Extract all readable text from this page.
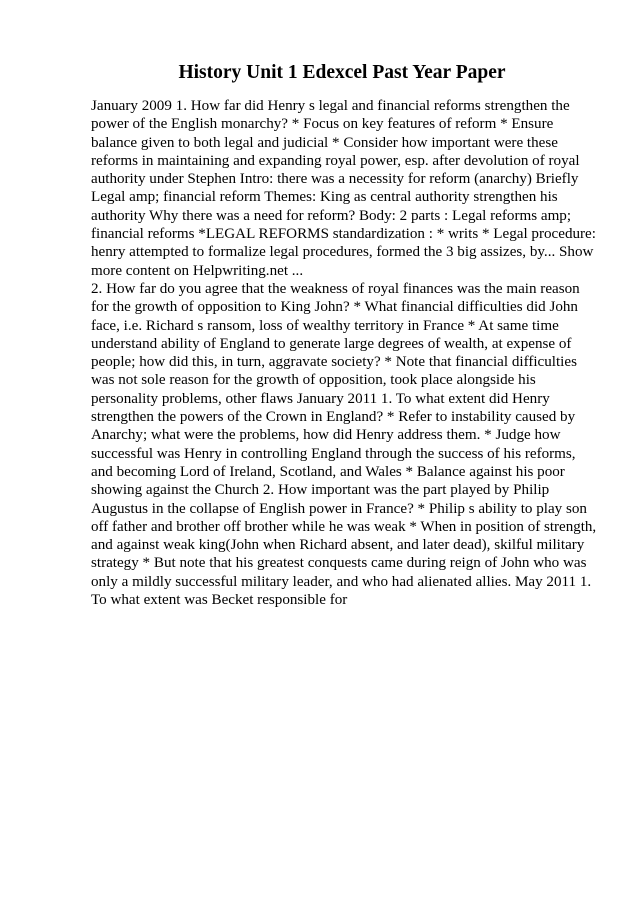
History Unit 1 Edexcel Past Year Paper
January 2009 1. How far did Henry s legal and financial reforms strengthen the
power of the English monarchy? * Focus on key features of reform * Ensure
balance given to both legal and judicial * Consider how important were these
reforms in maintaining and expanding royal power, esp. after devolution of royal
authority under Stephen Intro: there was a necessity for reform (anarchy) Briefly
Legal amp; financial reform Themes: King as central authority strengthen his
authority Why there was a need for reform? Body: 2 parts : Legal reforms amp;
financial reforms *LEGAL REFORMS standardization : * writs * Legal procedure:
henry attempted to formalize legal procedures, formed the 3 big assizes, by... Show
more content on Helpwriting.net ...
2. How far do you agree that the weakness of royal finances was the main reason
for the growth of opposition to King John? * What financial difficulties did John
face, i.e. Richard s ransom, loss of wealthy territory in France * At same time
understand ability of England to generate large degrees of wealth, at expense of
people; how did this, in turn, aggravate society? * Note that financial difficulties
was not sole reason for the growth of opposition, took place alongside his
personality problems, other flaws January 2011 1. To what extent did Henry
strengthen the powers of the Crown in England? * Refer to instability caused by
Anarchy; what were the problems, how did Henry address them. * Judge how
successful was Henry in controlling England through the success of his reforms,
and becoming Lord of Ireland, Scotland, and Wales * Balance against his poor
showing against the Church 2. How important was the part played by Philip
Augustus in the collapse of English power in France? * Philip s ability to play son
off father and brother off brother while he was weak * When in position of strength,
and against weak king(John when Richard absent, and later dead), skilful military
strategy * But note that his greatest conquests came during reign of John who was
only a mildly successful military leader, and who had alienated allies. May 2011 1.
To what extent was Becket responsible for
